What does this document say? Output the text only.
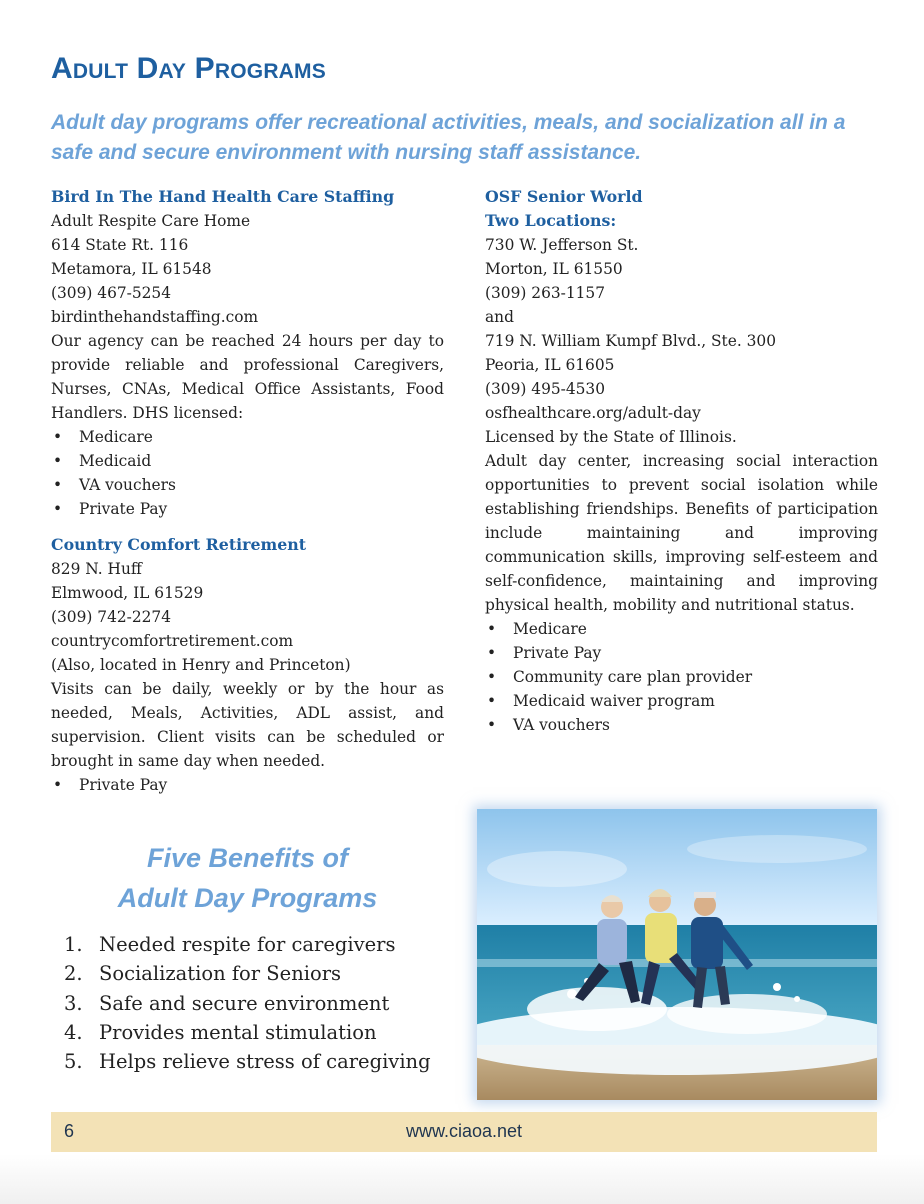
Adult Day Programs

Adult day programs offer recreational activities, meals, and socialization all in a safe and secure environment with nursing staff assistance.

Bird In The Hand Health Care Staffing
Adult Respite Care Home
614 State Rt. 116
Metamora, IL 61548
(309) 467-5254
birdinthehandstaffing.com

Our agency can be reached 24 hours per day to provide reliable and professional Caregivers, Nurses, CNAs, Medical Office Assistants, Food Handlers. DHS licensed:

• Medicare
• Medicaid
• VA vouchers
• Private Pay
Country Comfort Retirement
829 N. Huff
Elmwood, IL 61529
(309) 742-2274
countrycomfortretirement.com
(Also, located in Henry and Princeton)

Visits can be daily, weekly or by the hour as needed, Meals, Activities, ADL assist, and supervision. Client visits can be scheduled or brought in same day when needed.

• Private Pay
OSF Senior World
Two Locations:
730 W. Jefferson St.
Morton, IL 61550
(309) 263-1157
and
719 N. William Kumpf Blvd., Ste. 300
Peoria, IL 61605
(309) 495-4530
osfhealthcare.org/adult-day
Licensed by the State of Illinois.

Adult day center, increasing social interaction opportunities to prevent social isolation while establishing friendships. Benefits of participation include maintaining and improving communication skills, improving self-esteem and self-confidence, maintaining and improving physical health, mobility and nutritional status.

• Medicare
• Private Pay
• Community care plan provider
• Medicaid waiver program
• VA vouchers
Five Benefits of
Adult Day Programs
1. Needed respite for caregivers
2. Socialization for Seniors
3. Safe and secure environment
4. Provides mental stimulation
5. Helps relieve stress of caregiving
6	www.ciaoa.net
